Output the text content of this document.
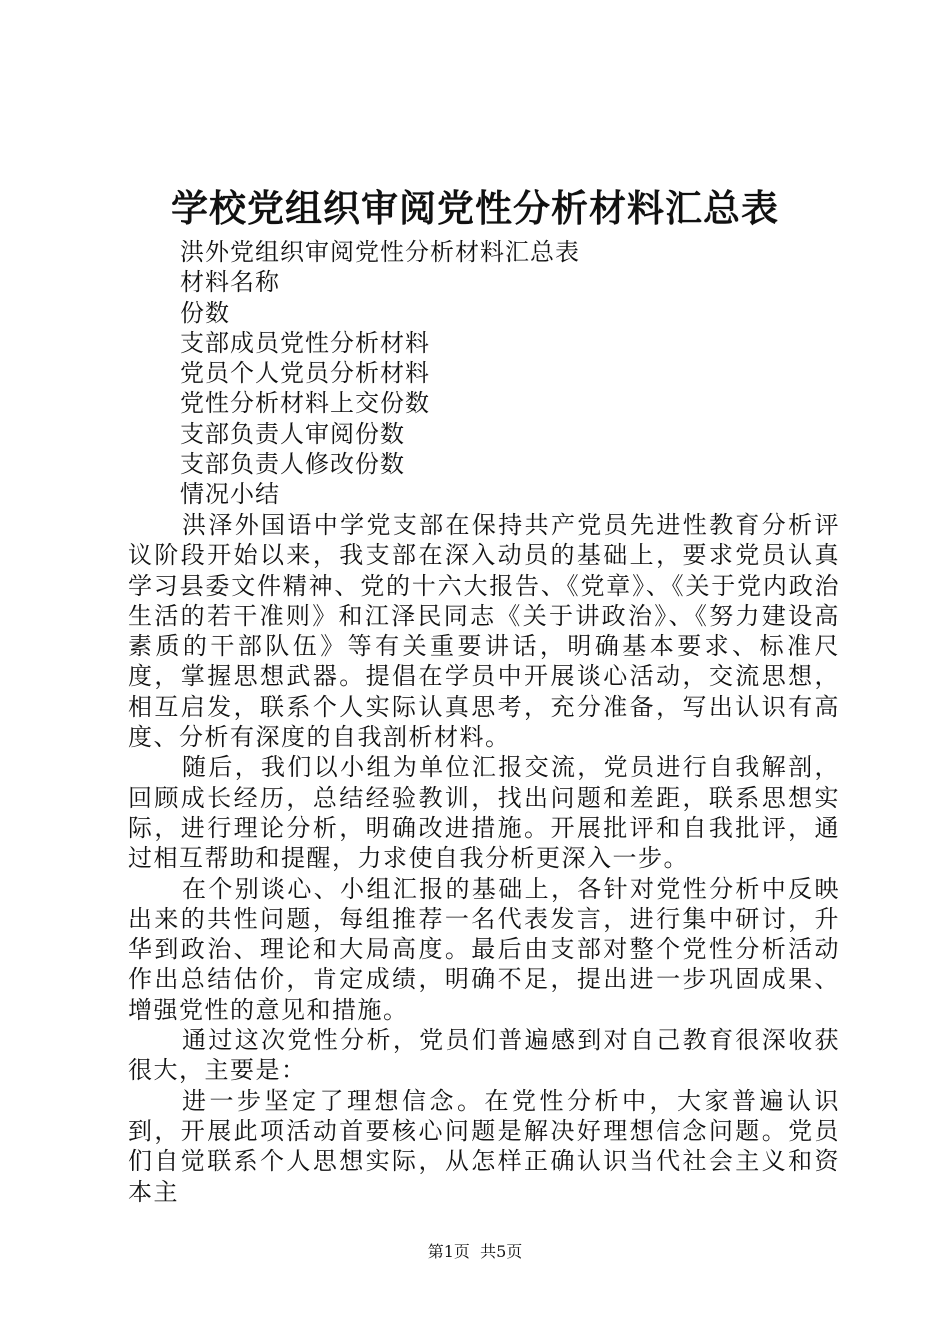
学校党组织审阅党性分析材料汇总表
洪外党组织审阅党性分析材料汇总表
材料名称
份数
支部成员党性分析材料
党员个人党员分析材料
党性分析材料上交份数
支部负责人审阅份数
支部负责人修改份数
情况小结

洪泽外国语中学党支部在保持共产党员先进性教育分析评议阶段开始以来，我支部在深入动员的基础上，要求党员认真学习县委文件精神、党的十六大报告、《党章》、《关于党内政治生活的若干准则》和江泽民同志《关于讲政治》、《努力建设高素质的干部队伍》等有关重要讲话，明确基本要求、标准尺度，掌握思想武器。提倡在学员中开展谈心活动，交流思想，相互启发，联系个人实际认真思考，充分准备，写出认识有高度、分析有深度的自我剖析材料。

随后，我们以小组为单位汇报交流，党员进行自我解剖，回顾成长经历，总结经验教训，找出问题和差距，联系思想实际，进行理论分析，明确改进措施。开展批评和自我批评，通过相互帮助和提醒，力求使自我分析更深入一步。

在个别谈心、小组汇报的基础上，各针对党性分析中反映出来的共性问题，每组推荐一名代表发言，进行集中研讨，升华到政治、理论和大局高度。最后由支部对整个党性分析活动作出总结估价，肯定成绩，明确不足，提出进一步巩固成果、增强党性的意见和措施。

通过这次党性分析，党员们普遍感到对自己教育很深收获很大，主要是：

进一步坚定了理想信念。在党性分析中，大家普遍认识到，开展此项活动首要核心问题是解决好理想信念问题。党员们自觉联系个人思想实际，从怎样正确认识当代社会主义和资本主

第1页 共5页
